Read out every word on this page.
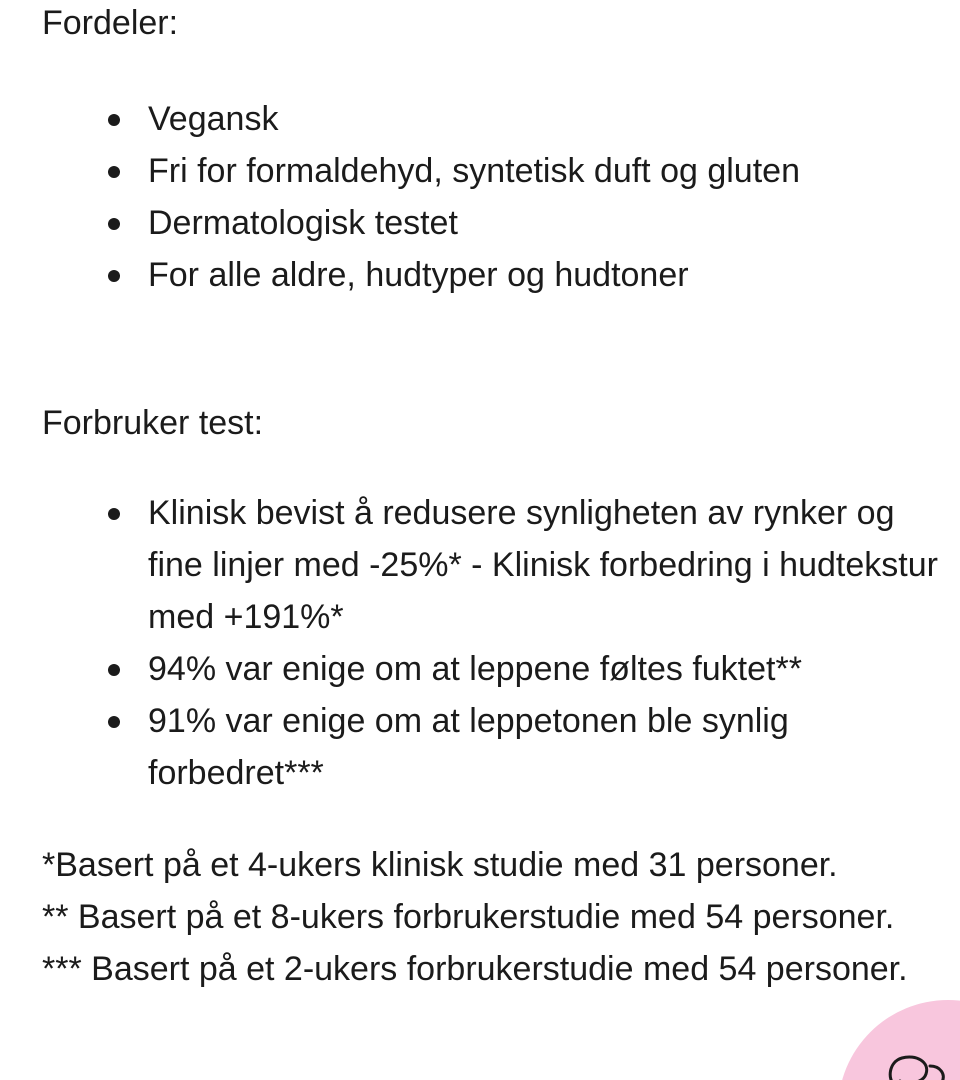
Fordeler:

Vegansk
Fri for formaldehyd, syntetisk duft og gluten
Dermatologisk testet
For alle aldre, hudtyper og hudtoner

Forbruker test:

Klinisk bevist å redusere synligheten av rynker og fine linjer med -25%* - Klinisk forbedring i hudtekstur med +191%*
94% var enige om at leppene føltes fuktet**
91% var enige om at leppetonen ble synlig forbedret***

*Basert på et 4-ukers klinisk studie med 31 personer.

** Basert på et 8-ukers forbrukerstudie med 54 personer.

*** Basert på et 2-ukers forbrukerstudie med 54 personer.
